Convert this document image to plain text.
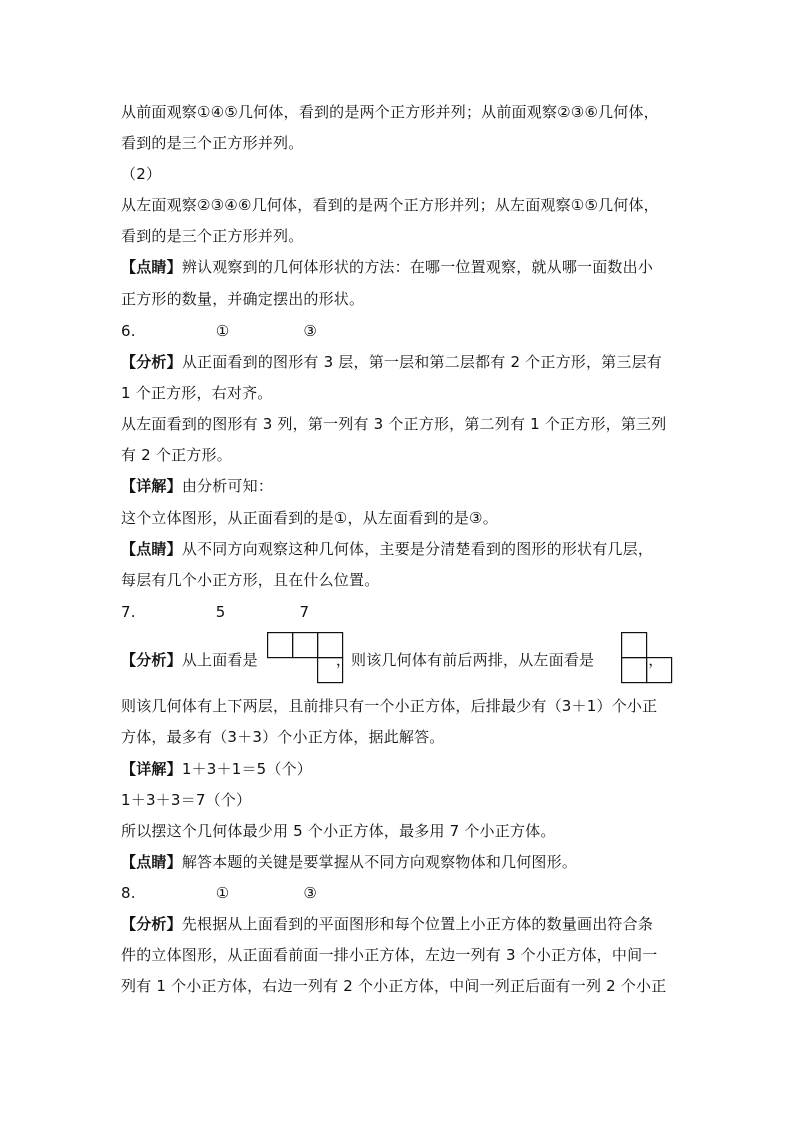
从前面观察①④⑤几何体，看到的是两个正方形并列；从前面观察②③⑥几何体，
看到的是三个正方形并列。
（2）
从左面观察②③④⑥几何体，看到的是两个正方形并列；从左面观察①⑤几何体，
看到的是三个正方形并列。
【点睛】辨认观察到的几何体形状的方法：在哪一位置观察，就从哪一面数出小
正方形的数量，并确定摆出的形状。
6.	①	③
【分析】从正面看到的图形有 3 层，第一层和第二层都有 2 个正方形，第三层有
1 个正方形，右对齐。
从左面看到的图形有 3 列，第一列有 3 个正方形，第二列有 1 个正方形，第三列
有 2 个正方形。
【详解】由分析可知：
这个立体图形，从正面看到的是①，从左面看到的是③。
【点睛】从不同方向观察这种几何体，主要是分清楚看到的图形的形状有几层，
每层有几个小正方形，且在什么位置。
7.	5	7
【分析】从上面看是	，则该几何体有前后两排，从左面看是	，
则该几何体有上下两层，且前排只有一个小正方体，后排最少有（3＋1）个小正
方体，最多有（3＋3）个小正方体，据此解答。
【详解】1＋3＋1＝5（个）
1＋3＋3＝7（个）
所以摆这个几何体最少用 5 个小正方体，最多用 7 个小正方体。
【点睛】解答本题的关键是要掌握从不同方向观察物体和几何图形。
8.	①	③
【分析】先根据从上面看到的平面图形和每个位置上小正方体的数量画出符合条
件的立体图形，从正面看前面一排小正方体，左边一列有 3 个小正方体，中间一
列有 1 个小正方体，右边一列有 2 个小正方体，中间一列正后面有一列 2 个小正
